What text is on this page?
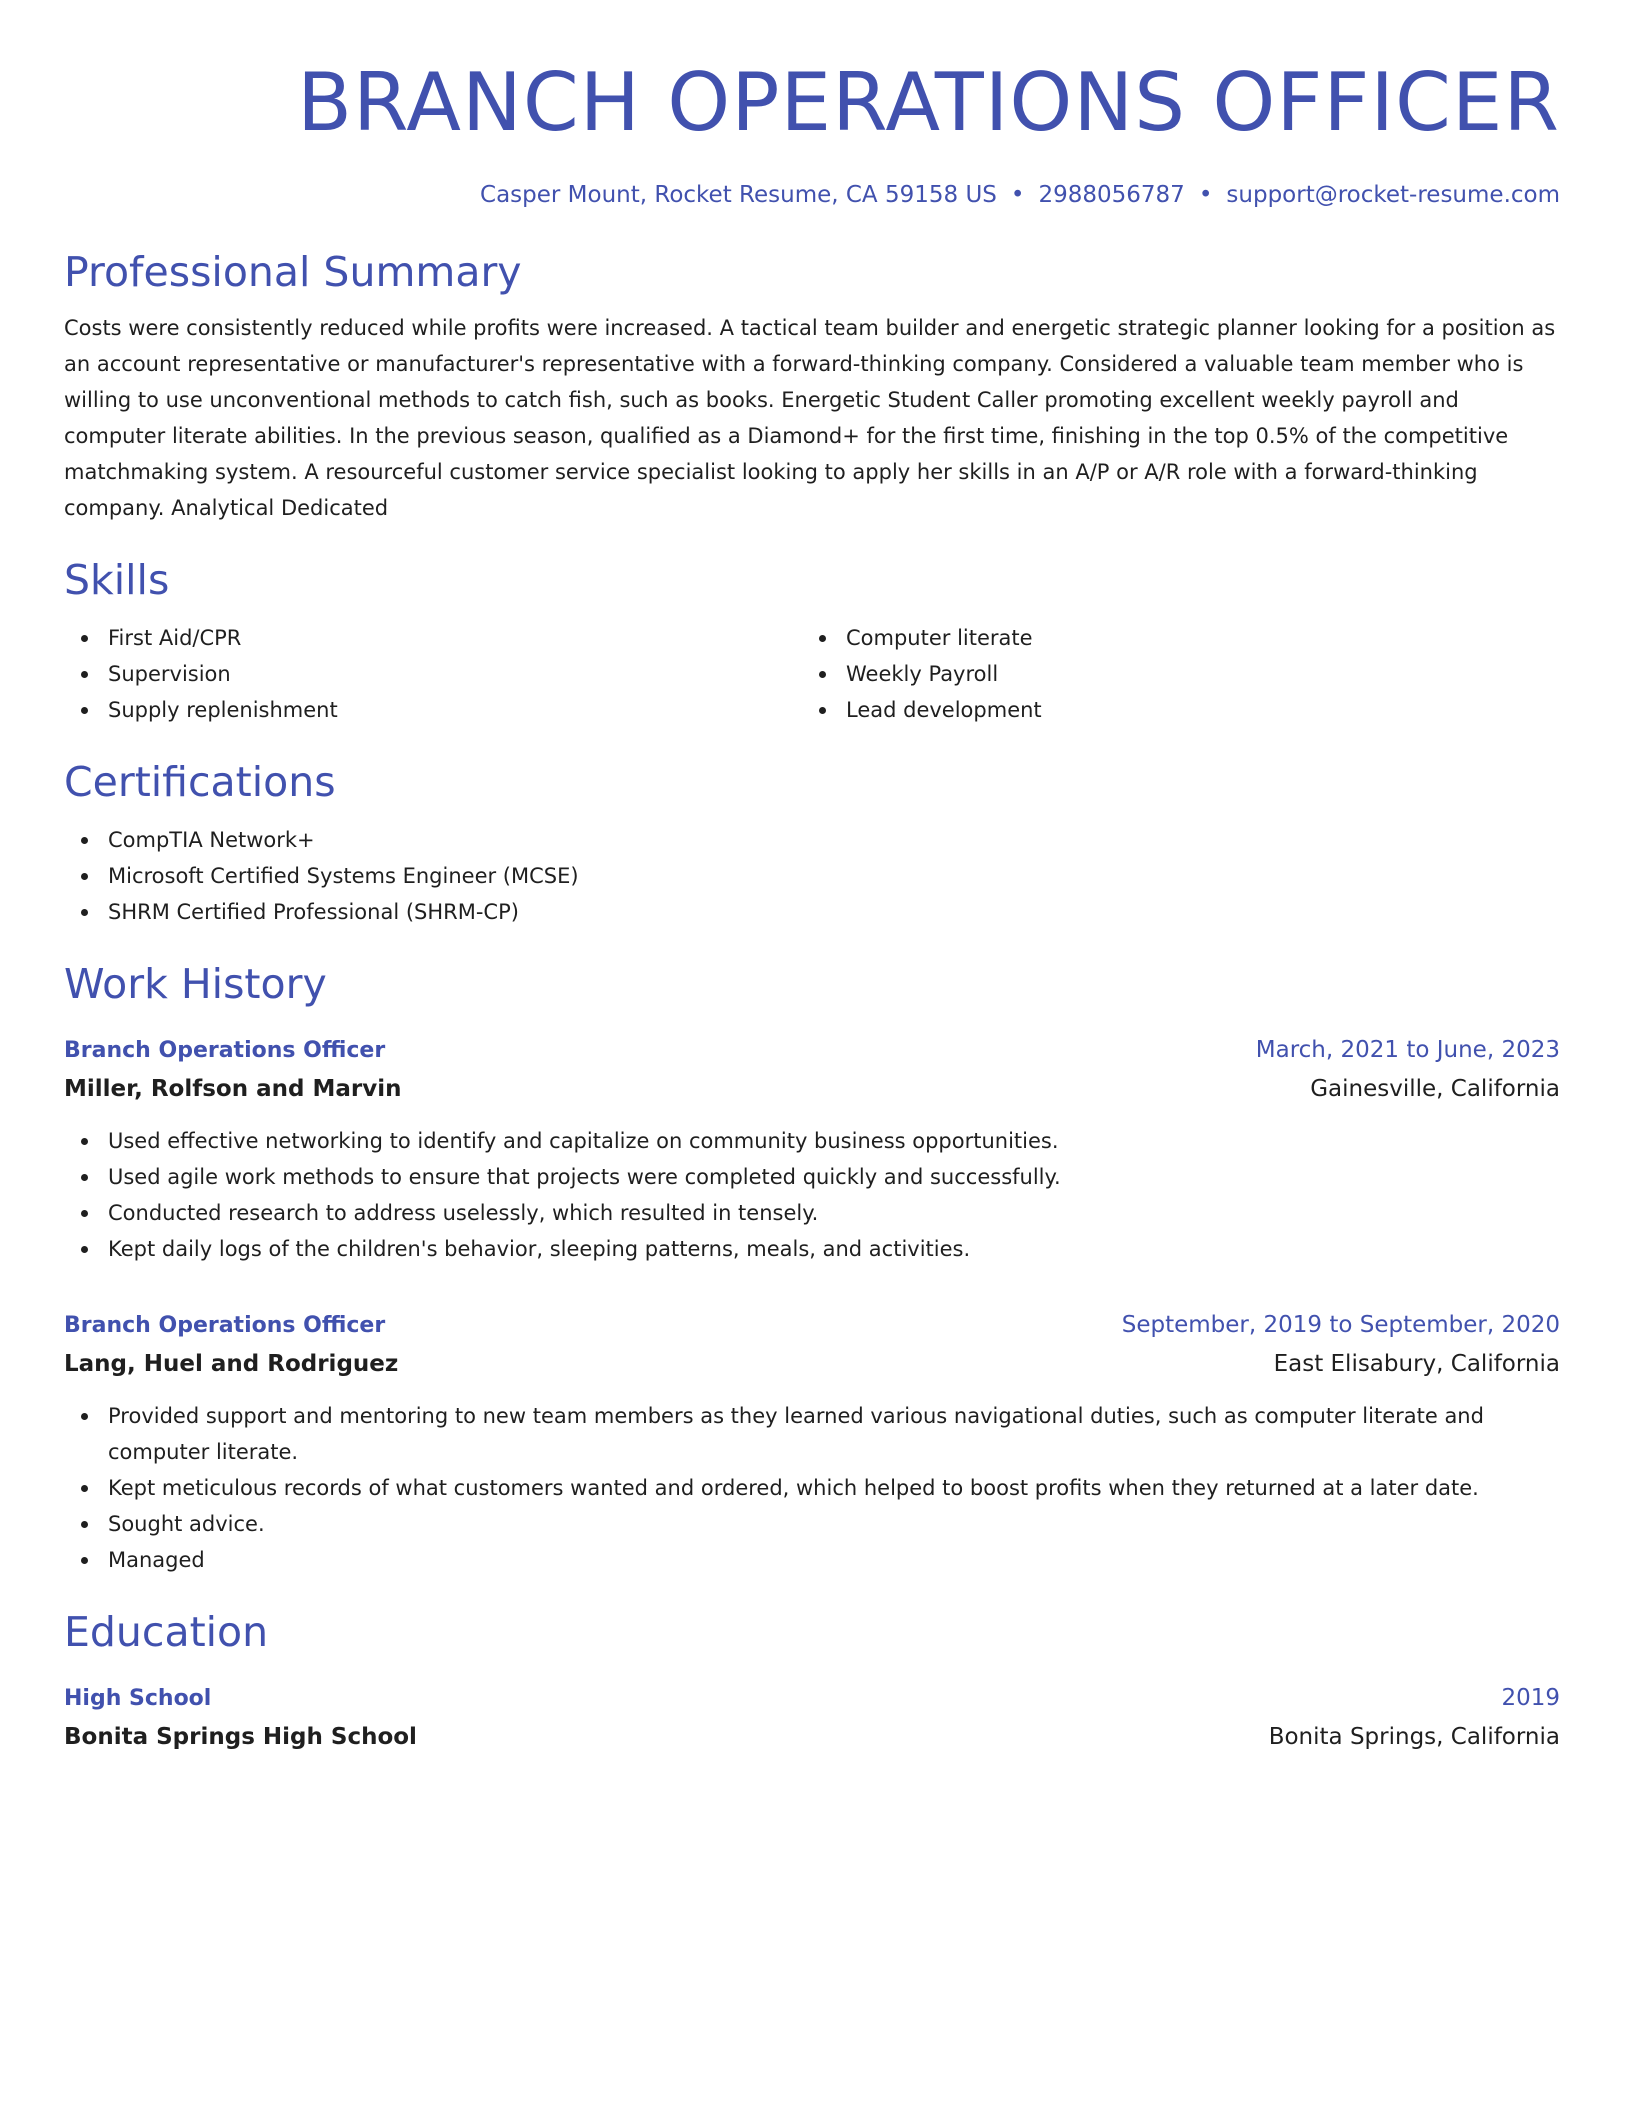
BRANCH OPERATIONS OFFICER
Casper Mount, Rocket Resume, CA 59158 US • 2988056787 • support@rocket-resume.com
Professional Summary
Costs were consistently reduced while profits were increased. A tactical team builder and energetic strategic planner looking for a position as an account representative or manufacturer's representative with a forward-thinking company. Considered a valuable team member who is willing to use unconventional methods to catch fish, such as books. Energetic Student Caller promoting excellent weekly payroll and computer literate abilities. In the previous season, qualified as a Diamond+ for the first time, finishing in the top 0.5% of the competitive matchmaking system. A resourceful customer service specialist looking to apply her skills in an A/P or A/R role with a forward-thinking company. Analytical Dedicated
Skills
First Aid/CPR
Supervision
Supply replenishment
Computer literate
Weekly Payroll
Lead development
Certifications
CompTIA Network+
Microsoft Certified Systems Engineer (MCSE)
SHRM Certified Professional (SHRM-CP)
Work History
Branch Operations Officer	March, 2021 to June, 2023
Miller, Rolfson and Marvin	Gainesville, California
Used effective networking to identify and capitalize on community business opportunities.
Used agile work methods to ensure that projects were completed quickly and successfully.
Conducted research to address uselessly, which resulted in tensely.
Kept daily logs of the children's behavior, sleeping patterns, meals, and activities.
Branch Operations Officer	September, 2019 to September, 2020
Lang, Huel and Rodriguez	East Elisabury, California
Provided support and mentoring to new team members as they learned various navigational duties, such as computer literate and computer literate.
Kept meticulous records of what customers wanted and ordered, which helped to boost profits when they returned at a later date.
Sought advice.
Managed
Education
High School	2019
Bonita Springs High School	Bonita Springs, California
